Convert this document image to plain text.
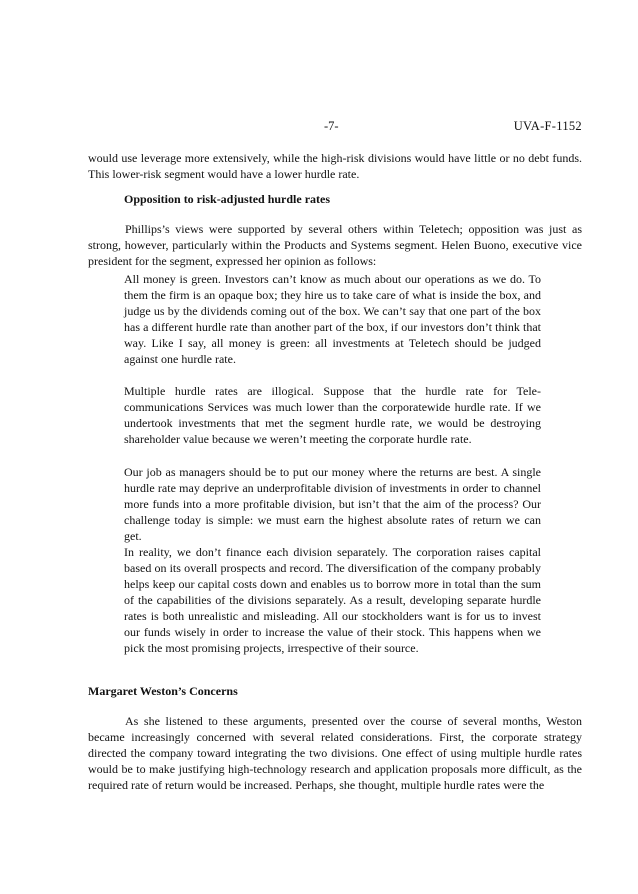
-7-	UVA-F-1152

would use leverage more extensively, while the high-risk divisions would have little or no debt funds. This lower-risk segment would have a lower hurdle rate.

Opposition to risk-adjusted hurdle rates

Phillips’s views were supported by several others within Teletech; opposition was just as strong, however, particularly within the Products and Systems segment. Helen Buono, executive vice president for the segment, expressed her opinion as follows:

All money is green. Investors can’t know as much about our operations as we do. To them the firm is an opaque box; they hire us to take care of what is inside the box, and judge us by the dividends coming out of the box. We can’t say that one part of the box has a different hurdle rate than another part of the box, if our investors don’t think that way. Like I say, all money is green: all investments at Teletech should be judged against one hurdle rate.

Multiple hurdle rates are illogical. Suppose that the hurdle rate for Tele-communications Services was much lower than the corporatewide hurdle rate. If we undertook investments that met the segment hurdle rate, we would be destroying shareholder value because we weren’t meeting the corporate hurdle rate.

Our job as managers should be to put our money where the returns are best. A single hurdle rate may deprive an underprofitable division of investments in order to channel more funds into a more profitable division, but isn’t that the aim of the process? Our challenge today is simple: we must earn the highest absolute rates of return we can get.

In reality, we don’t finance each division separately. The corporation raises capital based on its overall prospects and record. The diversification of the company probably helps keep our capital costs down and enables us to borrow more in total than the sum of the capabilities of the divisions separately. As a result, developing separate hurdle rates is both unrealistic and misleading. All our stockholders want is for us to invest our funds wisely in order to increase the value of their stock. This happens when we pick the most promising projects, irrespective of their source.

Margaret Weston’s Concerns

As she listened to these arguments, presented over the course of several months, Weston became increasingly concerned with several related considerations. First, the corporate strategy directed the company toward integrating the two divisions. One effect of using multiple hurdle rates would be to make justifying high-technology research and application proposals more difficult, as the required rate of return would be increased. Perhaps, she thought, multiple hurdle rates were the
